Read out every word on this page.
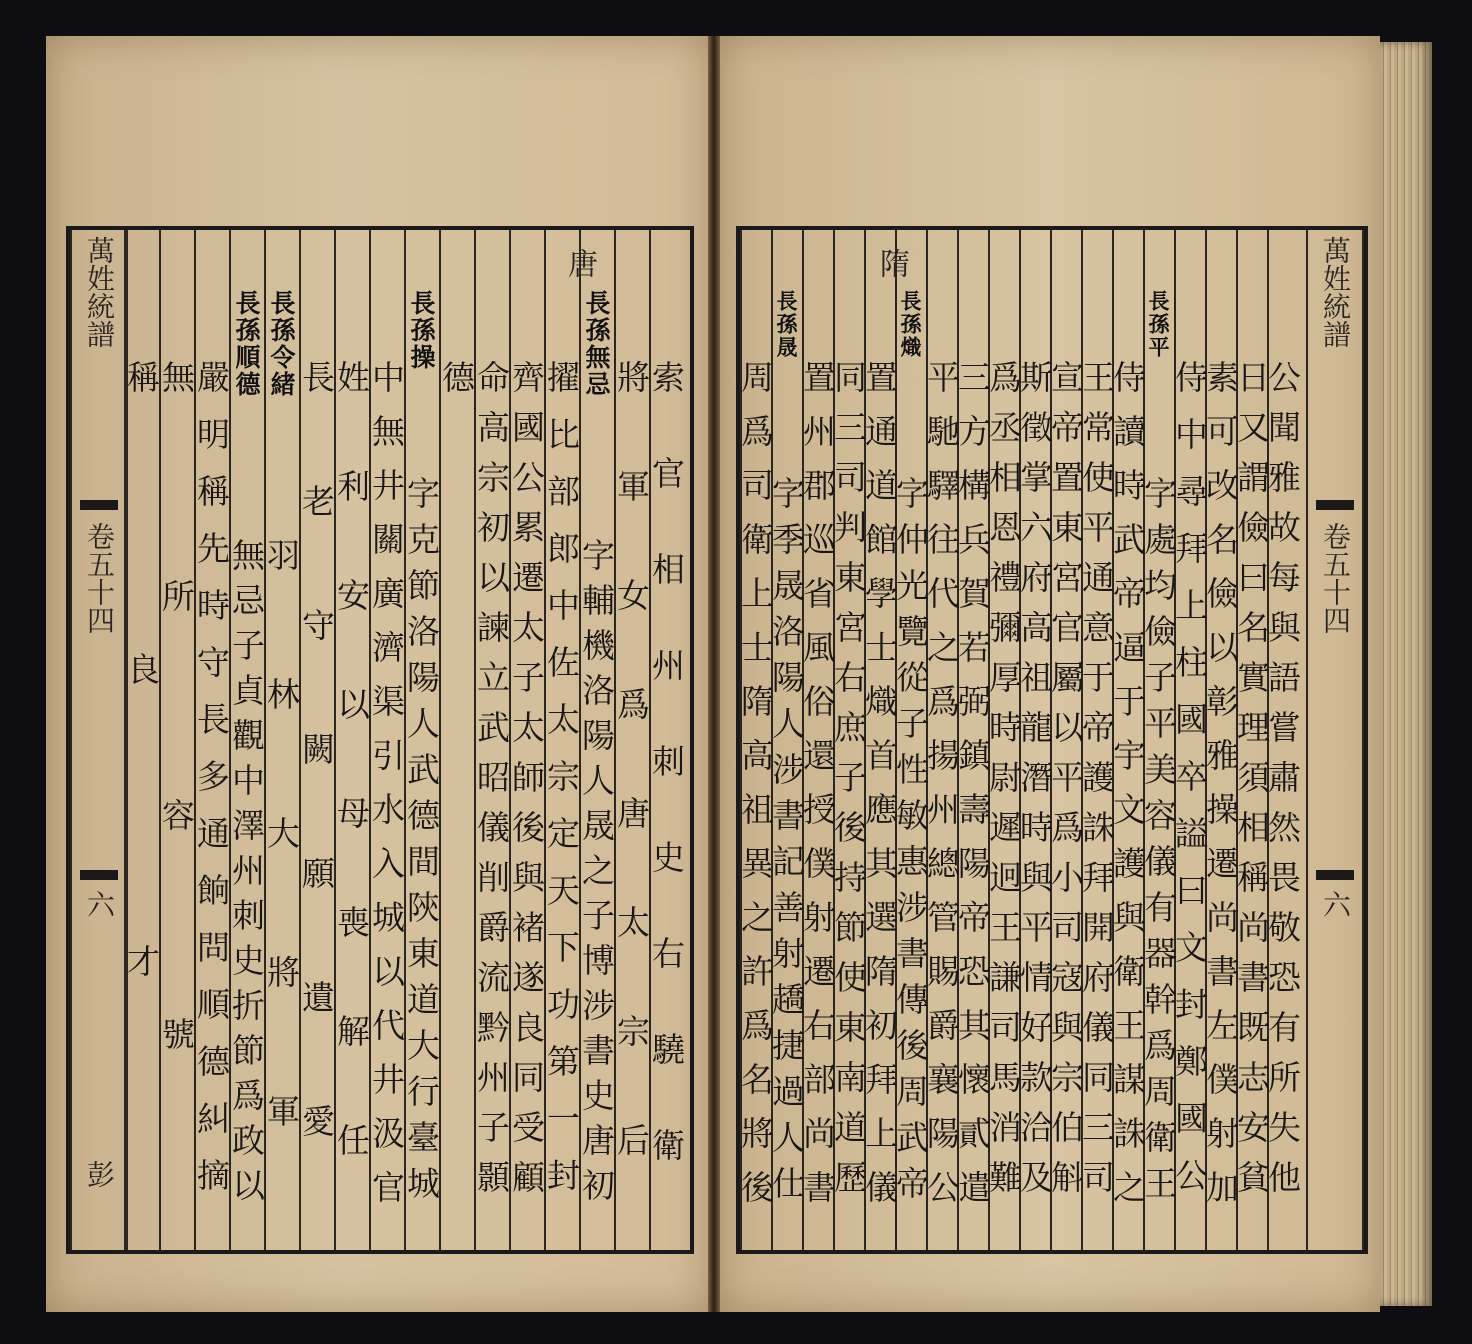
萬姓統譜
卷五十四
六
彭	索官相州刺史右驍衛
將軍女爲唐太宗后
唐
長孫無忌
字輔機洛陽人晟之子博涉書史唐初
擢比部郎中佐太宗定天下功第一封
齊國公累遷太子太師後與褚遂良同受顧
命高宗初以諫立武昭儀削爵流黔州子顥
德
長孫操
字克節洛陽人武德間陝東道大行臺城
中無井關廣濟渠引水入城以代井汲官
姓利安以母喪解任
長老守闕願遺愛
長孫令緒
羽林大將軍
長孫順德
無忌子貞觀中澤州刺史折節爲政以
嚴明稱先時守長多通餉問順德糾摘
無所容號
稱良才
萬姓統譜
卷五十四
六
公聞雅故每與語嘗肅然畏敬恐有所失他
日又謂儉曰名實理須相稱尚書既志安貧
素可改名儉以彰雅操遷尚書左僕射加
侍中尋拜上柱國卒謚曰文封鄭國公
長孫平
字處均儉子平美容儀有器幹爲周衛王
侍讀時武帝逼于宇文護與衛王謀誅之
王常使平通意于帝護誅拜開府儀同三司
宣帝置東宮官屬以平爲小司寇與宗伯斛
斯徵掌六府高祖龍潛時與平情好款洽及
爲丞相恩禮彌厚時尉遲迥王謙司馬消難
三方構兵賀若弼鎮壽陽帝恐其懷貳遣
平馳驛往代之爲揚州總管賜爵襄陽公
隋
長孫熾
字仲光覽從子性敏惠涉書傳後周武帝
置通道館學士熾首應其選隋初拜上儀
同三司判東宮右庶子後持節使東南道歷
置州郡巡省風俗還授僕射遷右部尚書
長孫晟
字季晟洛陽人涉書記善射趫捷過人仕
周爲司衛上士隋高祖異之許爲名將後
